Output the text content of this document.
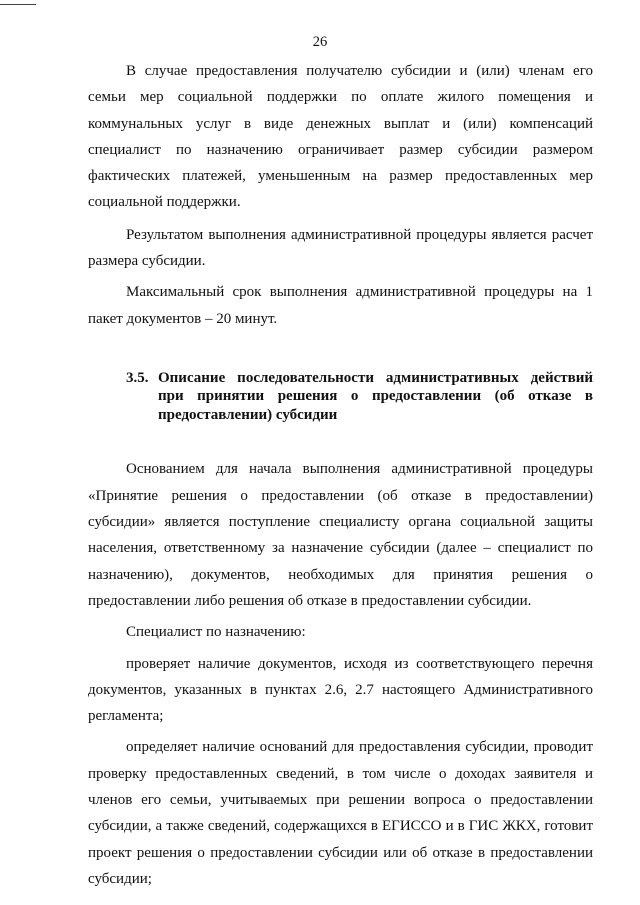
26

В случае предоставления получателю субсидии и (или) членам его семьи мер социальной поддержки по оплате жилого помещения и коммунальных услуг в виде денежных выплат и (или) компенсаций специалист по назначению ограничивает размер субсидии размером фактических платежей, уменьшенным на размер предоставленных мер социальной поддержки.

Результатом выполнения административной процедуры является расчет размера субсидии.

Максимальный срок выполнения административной процедуры на 1 пакет документов – 20 минут.

3.5. Описание последовательности административных действий при принятии решения о предоставлении (об отказе в предоставлении) субсидии

Основанием для начала выполнения административной процедуры «Принятие решения о предоставлении (об отказе в предоставлении) субсидии» является поступление специалисту органа социальной защиты населения, ответственному за назначение субсидии (далее – специалист по назначению), документов, необходимых для принятия решения о предоставлении либо решения об отказе в предоставлении субсидии.

Специалист по назначению:

проверяет наличие документов, исходя из соответствующего перечня документов, указанных в пунктах 2.6, 2.7 настоящего Административного регламента;

определяет наличие оснований для предоставления субсидии, проводит проверку предоставленных сведений, в том числе о доходах заявителя и членов его семьи, учитываемых при решении вопроса о предоставлении субсидии, а также сведений, содержащихся в ЕГИССО и в ГИС ЖКХ, готовит проект решения о предоставлении субсидии или об отказе в предоставлении субсидии;
